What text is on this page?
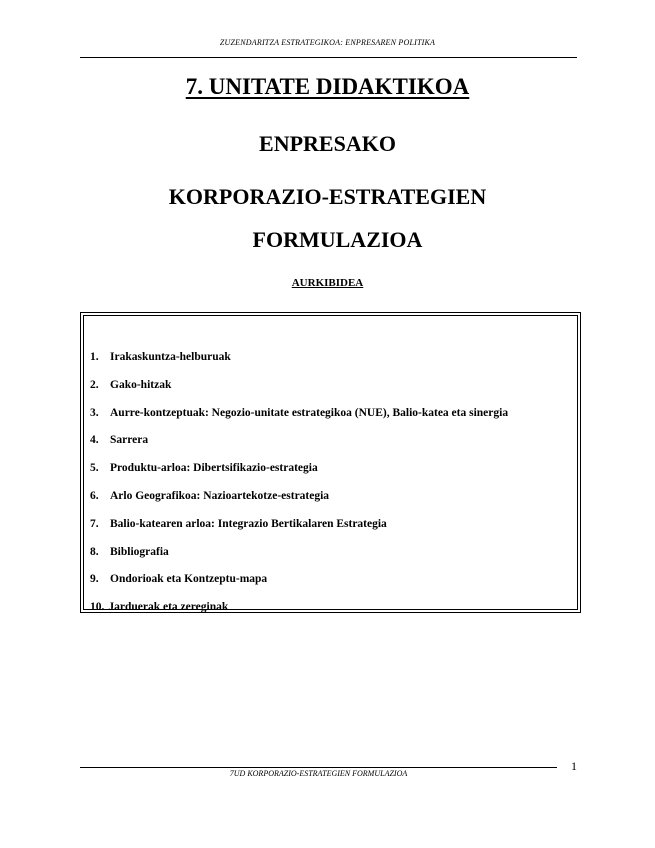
ZUZENDARITZA ESTRATEGIKOA: ENPRESAREN POLITIKA
7. UNITATE DIDAKTIKOA
ENPRESAKO
KORPORAZIO-ESTRATEGIEN
FORMULAZIOA
AURKIBIDEA
1. Irakaskuntza-helburuak
2. Gako-hitzak
3. Aurre-kontzeptuak: Negozio-unitate estrategikoa (NUE), Balio-katea eta sinergia
4. Sarrera
5. Produktu-arloa: Dibertsifikazio-estrategia
6. Arlo Geografikoa: Nazioartekotze-estrategia
7. Balio-katearen arloa: Integrazio Bertikalaren Estrategia
8. Bibliografia
9. Ondorioak eta Kontzeptu-mapa
10. Jarduerak eta zereginak
7UD KORPORAZIO-ESTRATEGIEN FORMULAZIOA
1
